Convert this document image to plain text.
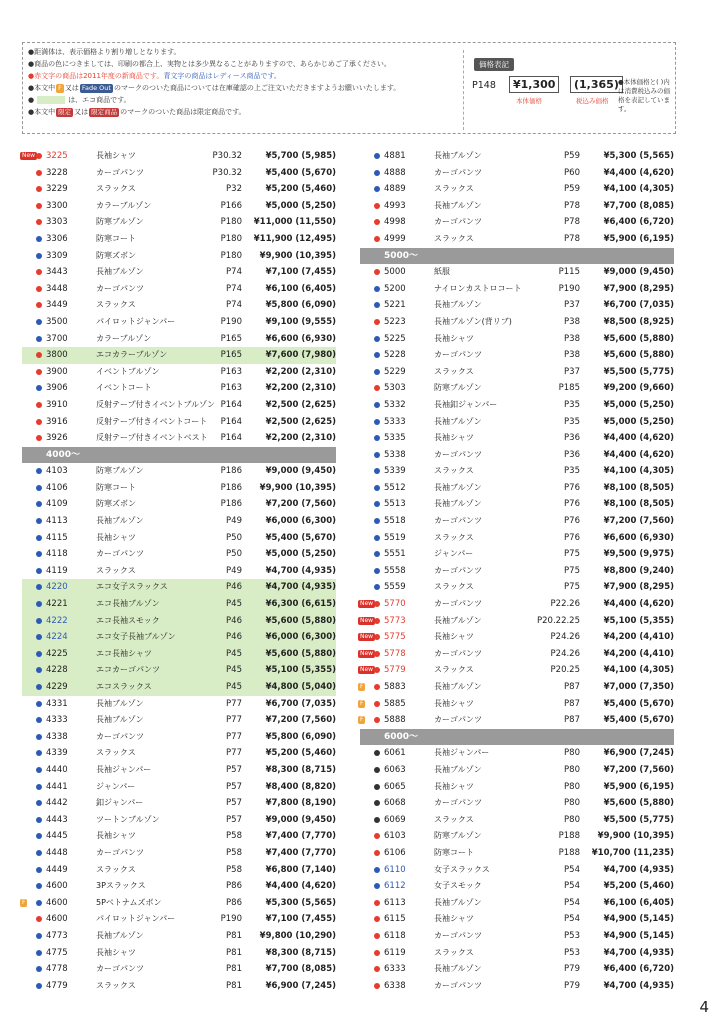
●距満体は、表示価格より割り増しとなります。
●商品の色につきましては、印刷の都合上、実物とは多少異なることがありますので、あらかじめご了承ください。
●赤文字の商品は2011年度の新商品です。青文字の商品はレディース商品です。
●本文中 F 又は Fade Out のマークのついた商品については在庫確認の上ご注文いただきますようお願いいたします。
●	は、エコ商品です。
●本文中 限定 又は 限定商品 のマークのついた商品は限定商品です。
価格表記
P148	¥1,300	(1,365)
本体価格	税込み価格
●本体価格と( )内は消費税込みの価格を表記しています。
New 3225	長袖シャツ	P30.32	¥5,700 (5,985)
3228	カーゴパンツ	P30.32	¥5,400 (5,670)
3229	スラックス	P32	¥5,200 (5,460)
3300	カラーブルゾン	P166	¥5,000 (5,250)
3303	防寒ブルゾン	P180 ¥11,000 (11,550)
3306	防寒コート	P180 ¥11,900 (12,495)
3309	防寒ズボン	P180 ¥9,900 (10,395)
3443	長袖ブルゾン	P74	¥7,100 (7,455)
3448	カーゴパンツ	P74	¥6,100 (6,405)
3449	スラックス	P74	¥5,800 (6,090)
3500	パイロットジャンパー	P190	¥9,100 (9,555)
3700	カラーブルゾン	P165	¥6,600 (6,930)
3800	エコカラーブルゾン	P165	¥7,600 (7,980)
3900	イベントブルゾン	P163	¥2,200 (2,310)
3906	イベントコート	P163	¥2,200 (2,310)
3910	反射テープ付きイベントブルゾン P164	¥2,500 (2,625)
3916	反射テープ付きイベントコート P164	¥2,500 (2,625)
3926	反射テープ付きイベントベスト P164	¥2,200 (2,310)
4000〜
4103	防寒ブルゾン	P186	¥9,000 (9,450)
4106	防寒コート	P186 ¥9,900 (10,395)
4109	防寒ズボン	P186	¥7,200 (7,560)
4113	長袖ブルゾン	P49	¥6,000 (6,300)
4115	長袖シャツ	P50	¥5,400 (5,670)
4118	カーゴパンツ	P50	¥5,000 (5,250)
4119	スラックス	P49	¥4,700 (4,935)
4220	エコ女子スラックス	P46	¥4,700 (4,935)
4221	エコ長袖ブルゾン	P45	¥6,300 (6,615)
4222	エコ長袖スモック	P46	¥5,600 (5,880)
4224	エコ女子長袖ブルゾン	P46	¥6,000 (6,300)
4225	エコ長袖シャツ	P45	¥5,600 (5,880)
4228	エコカーゴパンツ	P45	¥5,100 (5,355)
4229	エコスラックス	P45	¥4,800 (5,040)
4331	長袖ブルゾン	P77	¥6,700 (7,035)
4333	長袖ブルゾン	P77	¥7,200 (7,560)
4338	カーゴパンツ	P77	¥5,800 (6,090)
4339	スラックス	P77	¥5,200 (5,460)
4440	長袖ジャンパー	P57	¥8,300 (8,715)
4441	ジャンパー	P57	¥8,400 (8,820)
4442	釦ジャンパー	P57	¥7,800 (8,190)
4443	ツートンブルゾン	P57	¥9,000 (9,450)
4445	長袖シャツ	P58	¥7,400 (7,770)
4448	カーゴパンツ	P58	¥7,400 (7,770)
4449	スラックス	P58	¥6,800 (7,140)
4600	3Pスラックス	P86	¥4,400 (4,620)
F 4600	5Pベトナムズボン	P86	¥5,300 (5,565)
4600	パイロットジャンパー	P190	¥7,100 (7,455)
4773	長袖ブルゾン	P81 ¥9,800 (10,290)
4775	長袖シャツ	P81	¥8,300 (8,715)
4778	カーゴパンツ	P81	¥7,700 (8,085)
4779	スラックス	P81	¥6,900 (7,245)
4881	長袖ブルゾン	P59	¥5,300 (5,565)
4888	カーゴパンツ	P60	¥4,400 (4,620)
4889	スラックス	P59	¥4,100 (4,305)
4993	長袖ブルゾン	P78	¥7,700 (8,085)
4998	カーゴパンツ	P78	¥6,400 (6,720)
4999	スラックス	P78	¥5,900 (6,195)
5000〜
5000	紙服	P115	¥9,000 (9,450)
5200	ナイロンカストロコート	P190	¥7,900 (8,295)
5221	長袖ブルゾン	P37	¥6,700 (7,035)
5223	長袖ブルゾン(背リブ)	P38	¥8,500 (8,925)
5225	長袖シャツ	P38	¥5,600 (5,880)
5228	カーゴパンツ	P38	¥5,600 (5,880)
5229	スラックス	P37	¥5,500 (5,775)
5303	防寒ブルゾン	P185	¥9,200 (9,660)
5332	長袖釦ジャンパー	P35	¥5,000 (5,250)
5333	長袖ブルゾン	P35	¥5,000 (5,250)
5335	長袖シャツ	P36	¥4,400 (4,620)
5338	カーゴパンツ	P36	¥4,400 (4,620)
5339	スラックス	P35	¥4,100 (4,305)
5512	長袖ブルゾン	P76	¥8,100 (8,505)
5513	長袖ブルゾン	P76	¥8,100 (8,505)
5518	カーゴパンツ	P76	¥7,200 (7,560)
5519	スラックス	P76	¥6,600 (6,930)
5551	ジャンパー	P75	¥9,500 (9,975)
5558	カーゴパンツ	P75	¥8,800 (9,240)
5559	スラックス	P75	¥7,900 (8,295)
New 5770	カーゴパンツ	P22.26	¥4,400 (4,620)
New 5773	長袖ブルゾン	P20.22.25	¥5,100 (5,355)
New 5775	長袖シャツ	P24.26	¥4,200 (4,410)
New 5778	カーゴパンツ	P24.26	¥4,200 (4,410)
New 5779	スラックス	P20.25	¥4,100 (4,305)
F 5883	長袖ブルゾン	P87	¥7,000 (7,350)
F 5885	長袖シャツ	P87	¥5,400 (5,670)
F 5888	カーゴパンツ	P87	¥5,400 (5,670)
6000〜
6061	長袖ジャンパー	P80	¥6,900 (7,245)
6063	長袖ブルゾン	P80	¥7,200 (7,560)
6065	長袖シャツ	P80	¥5,900 (6,195)
6068	カーゴパンツ	P80	¥5,600 (5,880)
6069	スラックス	P80	¥5,500 (5,775)
6103	防寒ブルゾン	P188 ¥9,900 (10,395)
6106	防寒コート	P188 ¥10,700 (11,235)
6110	女子スラックス	P54	¥4,700 (4,935)
6112	女子スモック	P54	¥5,200 (5,460)
6113	長袖ブルゾン	P54	¥6,100 (6,405)
6115	長袖シャツ	P54	¥4,900 (5,145)
6118	カーゴパンツ	P53	¥4,900 (5,145)
6119	スラックス	P53	¥4,700 (4,935)
6333	長袖ブルゾン	P79	¥6,400 (6,720)
6338	カーゴパンツ	P79	¥4,700 (4,935)
4
